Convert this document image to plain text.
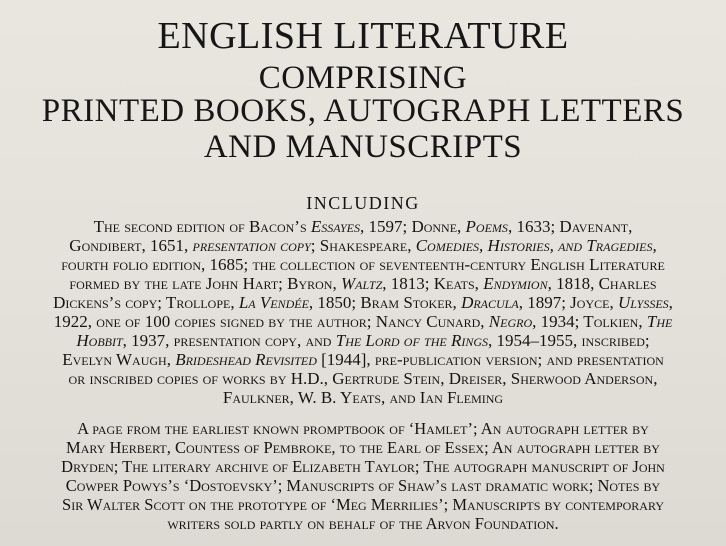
ENGLISH LITERATURE
COMPRISING
PRINTED BOOKS, AUTOGRAPH LETTERS
AND MANUSCRIPTS
INCLUDING
The second edition of Bacon’s Essayes, 1597; Donne, Poems, 1633; Davenant,
Gondibert, 1651, presentation copy; Shakespeare, Comedies, Histories, and Tragedies,
fourth folio edition, 1685; the collection of seventeenth-century English Literature
formed by the late John Hart; Byron, Waltz, 1813; Keats, Endymion, 1818, Charles
Dickens’s copy; Trollope, La Vendée, 1850; Bram Stoker, Dracula, 1897; Joyce, Ulysses,
1922, one of 100 copies signed by the author; Nancy Cunard, Negro, 1934; Tolkien, The
Hobbit, 1937, presentation copy, and The Lord of the Rings, 1954–1955, inscribed;
Evelyn Waugh, Brideshead Revisited [1944], pre-publication version; and presentation
or inscribed copies of works by H.D., Gertrude Stein, Dreiser, Sherwood Anderson,
Faulkner, W. B. Yeats, and Ian Fleming
A page from the earliest known promptbook of ‘Hamlet’; An autograph letter by
Mary Herbert, Countess of Pembroke, to the Earl of Essex; An autograph letter by
Dryden; The literary archive of Elizabeth Taylor; The autograph manuscript of John
Cowper Powys’s ‘Dostoevsky’; Manuscripts of Shaw’s last dramatic work; Notes by
Sir Walter Scott on the prototype of ‘Meg Merrilies’; Manuscripts by contemporary
writers sold partly on behalf of the Arvon Foundation.
